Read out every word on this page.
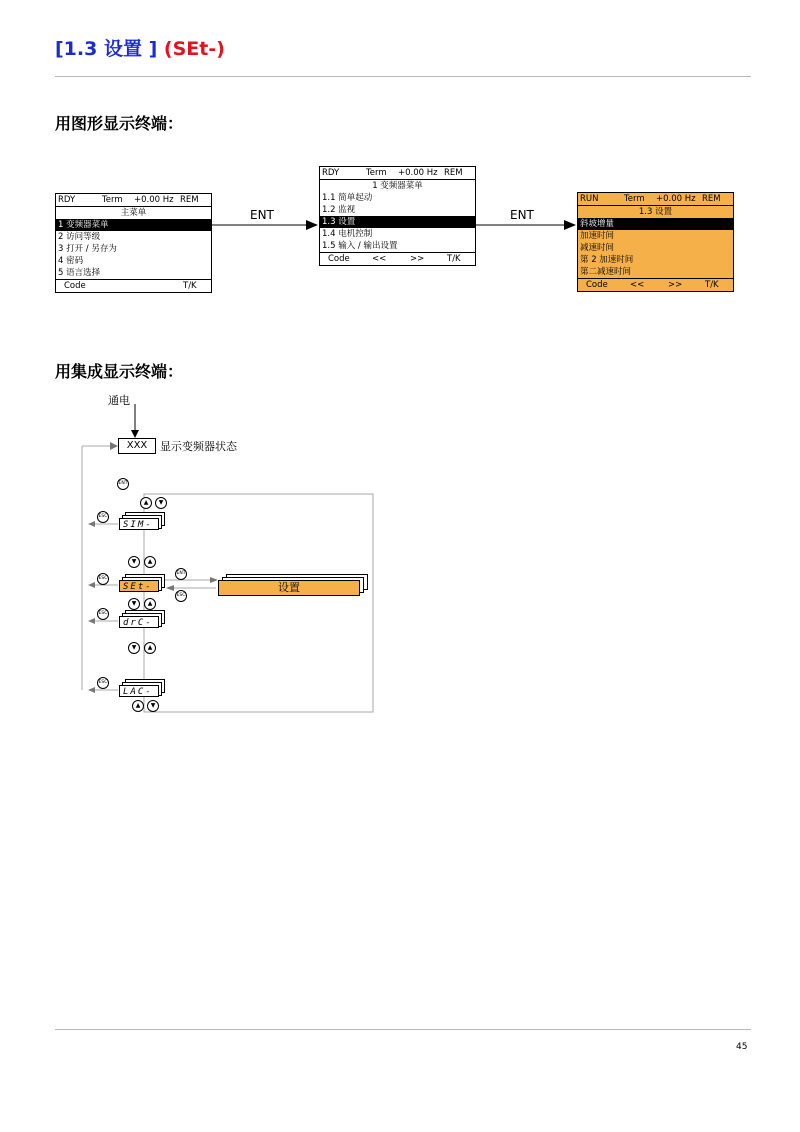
[1.3 设置 ] (SEt-)
用图形显示终端：
RDY	Term +0.00 Hz REM
主菜单
1 变频器菜单
2 访问等级
3 打开 / 另存为
4 密码
5 语言选择
Code	T/K
RDY	Term +0.00 Hz REM
1 变频器菜单
1.1 简单起动
1.2 监视
1.3 设置
1.4 电机控制
1.5 输入 / 输出设置
Code	<<	>>	T/K
RUN	Term +0.00 Hz REM
1.3 设置
斜坡增量
加速时间
减速时间
第 2 加速时间
第二减速时间
Code	<<	>>	T/K
ENT	ENT
用集成显示终端：
通电
XXX	显示变频器状态
ENT
▲	▼
SIM-
ESC
▼	▲
SEt-
ESC
ENT
ESC
设置
▼	▲
drC-
ESC
▼	▲
LAC-
ESC
▲	▼
45
